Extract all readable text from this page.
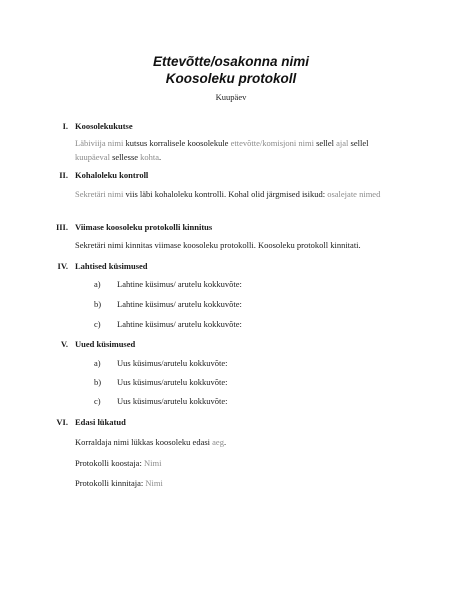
Ettevõtte/osakonna nimi
Koosoleku protokoll
Kuupäev
I. Koosolekukutse
Läbiviija nimi kutsus korralisele koosolekule ettevõtte/komisjoni nimi sellel ajal sellel kuupäeval sellesse kohta.
II. Kohaloleku kontroll
Sekretäri nimi viis läbi kohaloleku kontrolli. Kohal olid järgmised isikud: osalejate nimed
III. Viimase koosoleku protokolli kinnitus
Sekretäri nimi kinnitas viimase koosoleku protokolli. Koosoleku protokoll kinnitati.
IV. Lahtised küsimused
a) Lahtine küsimus/ arutelu kokkuvõte:
b) Lahtine küsimus/ arutelu kokkuvõte:
c) Lahtine küsimus/ arutelu kokkuvõte:
V. Uued küsimused
a) Uus küsimus/arutelu kokkuvõte:
b) Uus küsimus/arutelu kokkuvõte:
c) Uus küsimus/arutelu kokkuvõte:
VI. Edasi lükatud
Korraldaja nimi lükkas koosoleku edasi aeg.
Protokolli koostaja: Nimi
Protokolli kinnitaja: Nimi
